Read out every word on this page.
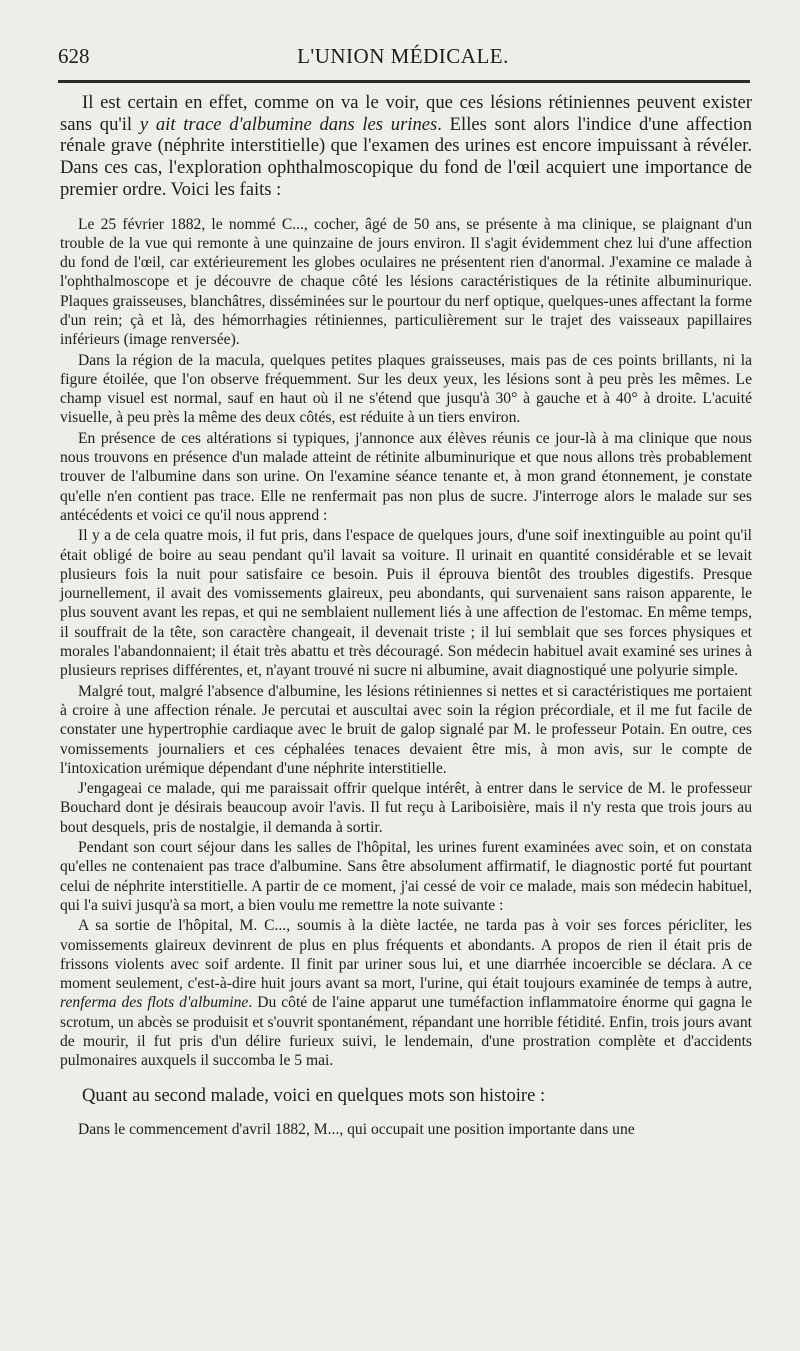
628	L'UNION MÉDICALE.

Il est certain en effet, comme on va le voir, que ces lésions rétiniennes peuvent exister sans qu'il y ait trace d'albumine dans les urines. Elles sont alors l'indice d'une affection rénale grave (néphrite interstitielle) que l'examen des urines est encore impuissant à révéler. Dans ces cas, l'exploration ophthalmoscopique du fond de l'œil acquiert une importance de premier ordre. Voici les faits :

Le 25 février 1882, le nommé C..., cocher, âgé de 50 ans, se présente à ma clinique, se plaignant d'un trouble de la vue qui remonte à une quinzaine de jours environ. Il s'agit évidemment chez lui d'une affection du fond de l'œil, car extérieurement les globes oculaires ne présentent rien d'anormal. J'examine ce malade à l'ophthalmoscope et je découvre de chaque côté les lésions caractéristiques de la rétinite albuminurique. Plaques graisseuses, blanchâtres, disséminées sur le pourtour du nerf optique, quelques-unes affectant la forme d'un rein; çà et là, des hémorrhagies rétiniennes, particulièrement sur le trajet des vaisseaux papillaires inférieurs (image renversée).

Dans la région de la macula, quelques petites plaques graisseuses, mais pas de ces points brillants, ni la figure étoilée, que l'on observe fréquemment. Sur les deux yeux, les lésions sont à peu près les mêmes. Le champ visuel est normal, sauf en haut où il ne s'étend que jusqu'à 30° à gauche et à 40° à droite. L'acuité visuelle, à peu près la même des deux côtés, est réduite à un tiers environ.

En présence de ces altérations si typiques, j'annonce aux élèves réunis ce jour-là à ma clinique que nous nous trouvons en présence d'un malade atteint de rétinite albuminurique et que nous allons très probablement trouver de l'albumine dans son urine. On l'examine séance tenante et, à mon grand étonnement, je constate qu'elle n'en contient pas trace. Elle ne renfermait pas non plus de sucre. J'interroge alors le malade sur ses antécédents et voici ce qu'il nous apprend :

Il y a de cela quatre mois, il fut pris, dans l'espace de quelques jours, d'une soif inextinguible au point qu'il était obligé de boire au seau pendant qu'il lavait sa voiture. Il urinait en quantité considérable et se levait plusieurs fois la nuit pour satisfaire ce besoin. Puis il éprouva bientôt des troubles digestifs. Presque journellement, il avait des vomissements glaireux, peu abondants, qui survenaient sans raison apparente, le plus souvent avant les repas, et qui ne semblaient nullement liés à une affection de l'estomac. En même temps, il souffrait de la tête, son caractère changeait, il devenait triste ; il lui semblait que ses forces physiques et morales l'abandonnaient; il était très abattu et très découragé. Son médecin habituel avait examiné ses urines à plusieurs reprises différentes, et, n'ayant trouvé ni sucre ni albumine, avait diagnostiqué une polyurie simple.

Malgré tout, malgré l'absence d'albumine, les lésions rétiniennes si nettes et si caractéristiques me portaient à croire à une affection rénale. Je percutai et auscultai avec soin la région précordiale, et il me fut facile de constater une hypertrophie cardiaque avec le bruit de galop signalé par M. le professeur Potain. En outre, ces vomissements journaliers et ces céphalées tenaces devaient être mis, à mon avis, sur le compte de l'intoxication urémique dépendant d'une néphrite interstitielle.

J'engageai ce malade, qui me paraissait offrir quelque intérêt, à entrer dans le service de M. le professeur Bouchard dont je désirais beaucoup avoir l'avis. Il fut reçu à Lariboisière, mais il n'y resta que trois jours au bout desquels, pris de nostalgie, il demanda à sortir.

Pendant son court séjour dans les salles de l'hôpital, les urines furent examinées avec soin, et on constata qu'elles ne contenaient pas trace d'albumine. Sans être absolument affirmatif, le diagnostic porté fut pourtant celui de néphrite interstitielle. A partir de ce moment, j'ai cessé de voir ce malade, mais son médecin habituel, qui l'a suivi jusqu'à sa mort, a bien voulu me remettre la note suivante :

A sa sortie de l'hôpital, M. C..., soumis à la diète lactée, ne tarda pas à voir ses forces péricliter, les vomissements glaireux devinrent de plus en plus fréquents et abondants. A propos de rien il était pris de frissons violents avec soif ardente. Il finit par uriner sous lui, et une diarrhée incoercible se déclara. A ce moment seulement, c'est-à-dire huit jours avant sa mort, l'urine, qui était toujours examinée de temps à autre, renferma des flots d'albumine. Du côté de l'aine apparut une tuméfaction inflammatoire énorme qui gagna le scrotum, un abcès se produisit et s'ouvrit spontanément, répandant une horrible fétidité. Enfin, trois jours avant de mourir, il fut pris d'un délire furieux suivi, le lendemain, d'une prostration complète et d'accidents pulmonaires auxquels il succomba le 5 mai.

Quant au second malade, voici en quelques mots son histoire :

Dans le commencement d'avril 1882, M..., qui occupait une position importante dans une
